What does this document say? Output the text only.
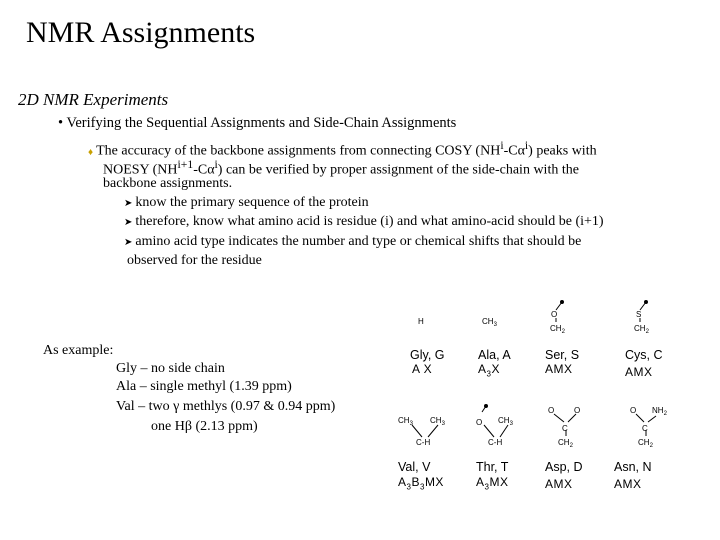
NMR Assignments
2D NMR Experiments
• Verifying the Sequential Assignments and Side-Chain Assignments
♦ The accuracy of the backbone assignments from connecting COSY $(NH^i-C\alpha^i)$ peaks with
NOESY $(NH^{i+1}-C\alpha^i)$ can be verified by proper assignment of the side-chain with the
backbone assignments.
➤ know the primary sequence of the protein
➤ therefore, know what amino acid is residue (i) and what amino-acid should be (i+1)
➤ amino acid type indicates the number and type or chemical shifts that should be
observed for the residue
As example:
Gly – no side chain
Ala – single methyl (1.39 ppm)
Val – two γ methlys (0.97 & 0.94 ppm)
one Hβ (2.13 ppm)
H	$CH_3$
O
$CH_2$
S
$CH_2$
$CH_3$ $CH_3$
C-H
O $CH_3$
C-H
O O
C
$CH_2$
O $NH_2$
C
$CH_2$
Gly, G
A X
Ala, A
$A_3X$
Ser, S
AMX
Cys, C
AMX
Val, V
$A_3B_3MX$
Thr, T
$A_3MX$
Asp, D
AMX
Asn, N
AMX
